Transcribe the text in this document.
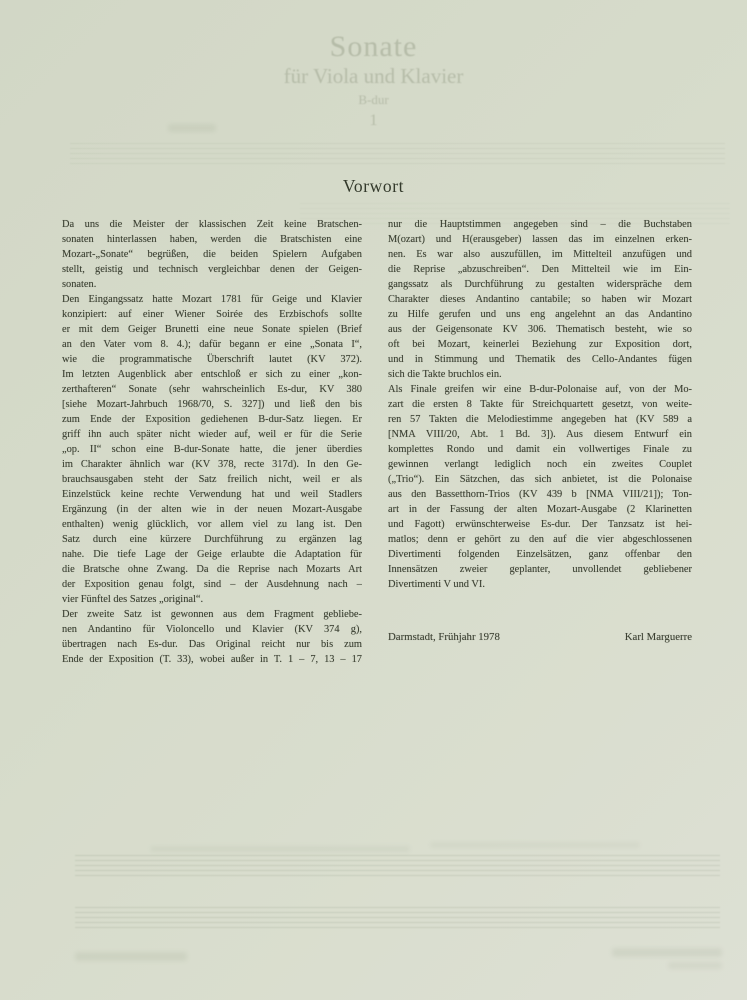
Sonate
für Viola und Klavier
B-dur
1
Vorwort
Da uns die Meister der klassischen Zeit keine Bratschen-
sonaten hinterlassen haben, werden die Bratschisten eine
Mozart-„Sonate“ begrüßen, die beiden Spielern Aufgaben
stellt, geistig und technisch vergleichbar denen der Geigen-
sonaten.
Den Eingangssatz hatte Mozart 1781 für Geige und Klavier
konzipiert: auf einer Wiener Soirée des Erzbischofs sollte
er mit dem Geiger Brunetti eine neue Sonate spielen (Brief
an den Vater vom 8. 4.); dafür begann er eine „Sonata I“,
wie die programmatische Überschrift lautet (KV 372).
Im letzten Augenblick aber entschloß er sich zu einer „kon-
zerthafteren“ Sonate (sehr wahrscheinlich Es-dur, KV 380
[siehe Mozart-Jahrbuch 1968/70, S. 327]) und ließ den bis
zum Ende der Exposition gediehenen B-dur-Satz liegen. Er
griff ihn auch später nicht wieder auf, weil er für die Serie
„op. II“ schon eine B-dur-Sonate hatte, die jener überdies
im Charakter ähnlich war (KV 378, recte 317d). In den Ge-
brauchsausgaben steht der Satz freilich nicht, weil er als
Einzelstück keine rechte Verwendung hat und weil Stadlers
Ergänzung (in der alten wie in der neuen Mozart-Ausgabe
enthalten) wenig glücklich, vor allem viel zu lang ist. Den
Satz durch eine kürzere Durchführung zu ergänzen lag
nahe. Die tiefe Lage der Geige erlaubte die Adaptation für
die Bratsche ohne Zwang. Da die Reprise nach Mozarts Art
der Exposition genau folgt, sind – der Ausdehnung nach –
vier Fünftel des Satzes „original“.
Der zweite Satz ist gewonnen aus dem Fragment gebliebe-
nen Andantino für Violoncello und Klavier (KV 374 g),
übertragen nach Es-dur. Das Original reicht nur bis zum
Ende der Exposition (T. 33), wobei außer in T. 1 – 7, 13 – 17
nur die Hauptstimmen angegeben sind – die Buchstaben
M(ozart) und H(erausgeber) lassen das im einzelnen erken-
nen. Es war also auszufüllen, im Mittelteil anzufügen und
die Reprise „abzuschreiben“. Den Mittelteil wie im Ein-
gangssatz als Durchführung zu gestalten widerspräche dem
Charakter dieses Andantino cantabile; so haben wir Mozart
zu Hilfe gerufen und uns eng angelehnt an das Andantino
aus der Geigensonate KV 306. Thematisch besteht, wie so
oft bei Mozart, keinerlei Beziehung zur Exposition dort,
und in Stimmung und Thematik des Cello-Andantes fügen
sich die Takte bruchlos ein.
Als Finale greifen wir eine B-dur-Polonaise auf, von der Mo-
zart die ersten 8 Takte für Streichquartett gesetzt, von weite-
ren 57 Takten die Melodiestimme angegeben hat (KV 589 a
[NMA VIII/20, Abt. 1 Bd. 3]). Aus diesem Entwurf ein
komplettes Rondo und damit ein vollwertiges Finale zu
gewinnen verlangt lediglich noch ein zweites Couplet
(„Trio“). Ein Sätzchen, das sich anbietet, ist die Polonaise
aus den Bassetthorn-Trios (KV 439 b [NMA VIII/21]); Ton-
art in der Fassung der alten Mozart-Ausgabe (2 Klarinetten
und Fagott) erwünschterweise Es-dur. Der Tanzsatz ist hei-
matlos; denn er gehört zu den auf die vier abgeschlossenen
Divertimenti folgenden Einzelsätzen, ganz offenbar den
Innensätzen zweier geplanter, unvollendet gebliebener
Divertimenti V und VI.
Darmstadt, Frühjahr 1978	Karl Marguerre
